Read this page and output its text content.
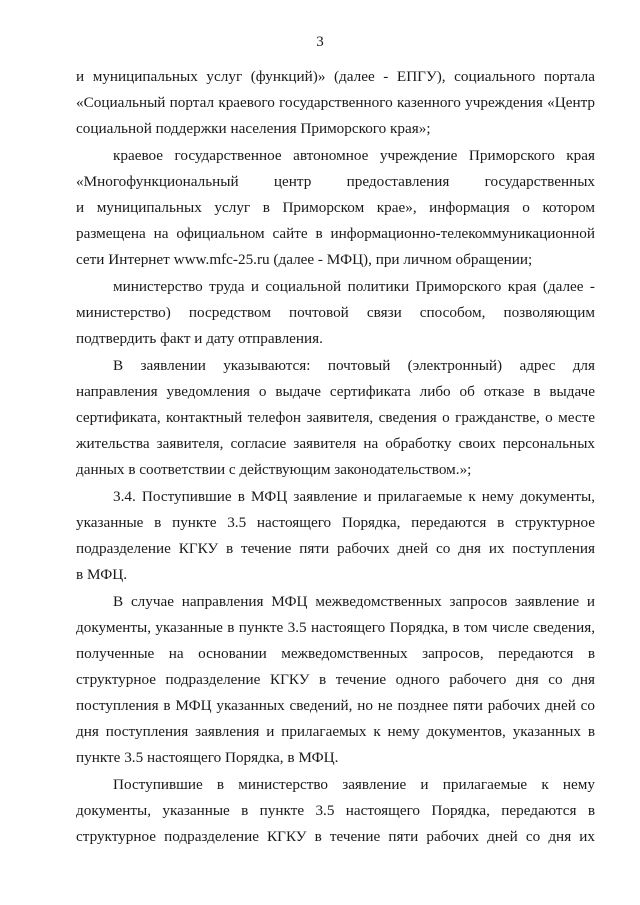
3
и муниципальных услуг (функций)» (далее - ЕПГУ), социального портала
«Социальный портал краевого государственного казенного учреждения «Центр
социальной поддержки населения Приморского края»;
краевое государственное автономное учреждение Приморского края
«Многофункциональный центр предоставления государственных
и муниципальных услуг в Приморском крае», информация о котором
размещена на официальном сайте в информационно-телекоммуникационной
сети Интернет www.mfc-25.ru (далее - МФЦ), при личном обращении;
министерство труда и социальной политики Приморского края (далее -
министерство) посредством почтовой связи способом, позволяющим
подтвердить факт и дату отправления.
В заявлении указываются: почтовый (электронный) адрес для
направления уведомления о выдаче сертификата либо об отказе в выдаче
сертификата, контактный телефон заявителя, сведения о гражданстве, о месте
жительства заявителя, согласие заявителя на обработку своих персональных
данных в соответствии с действующим законодательством.»;
3.4. Поступившие в МФЦ заявление и прилагаемые к нему документы,
указанные в пункте 3.5 настоящего Порядка, передаются в структурное
подразделение КГКУ в течение пяти рабочих дней со дня их поступления
в МФЦ.
В случае направления МФЦ межведомственных запросов заявление и
документы, указанные в пункте 3.5 настоящего Порядка, в том числе сведения,
полученные на основании межведомственных запросов, передаются в
структурное подразделение КГКУ в течение одного рабочего дня со дня
поступления в МФЦ указанных сведений, но не позднее пяти рабочих дней со
дня поступления заявления и прилагаемых к нему документов, указанных в
пункте 3.5 настоящего Порядка, в МФЦ.
Поступившие в министерство заявление и прилагаемые к нему
документы, указанные в пункте 3.5 настоящего Порядка, передаются в
структурное подразделение КГКУ в течение пяти рабочих дней со дня их
